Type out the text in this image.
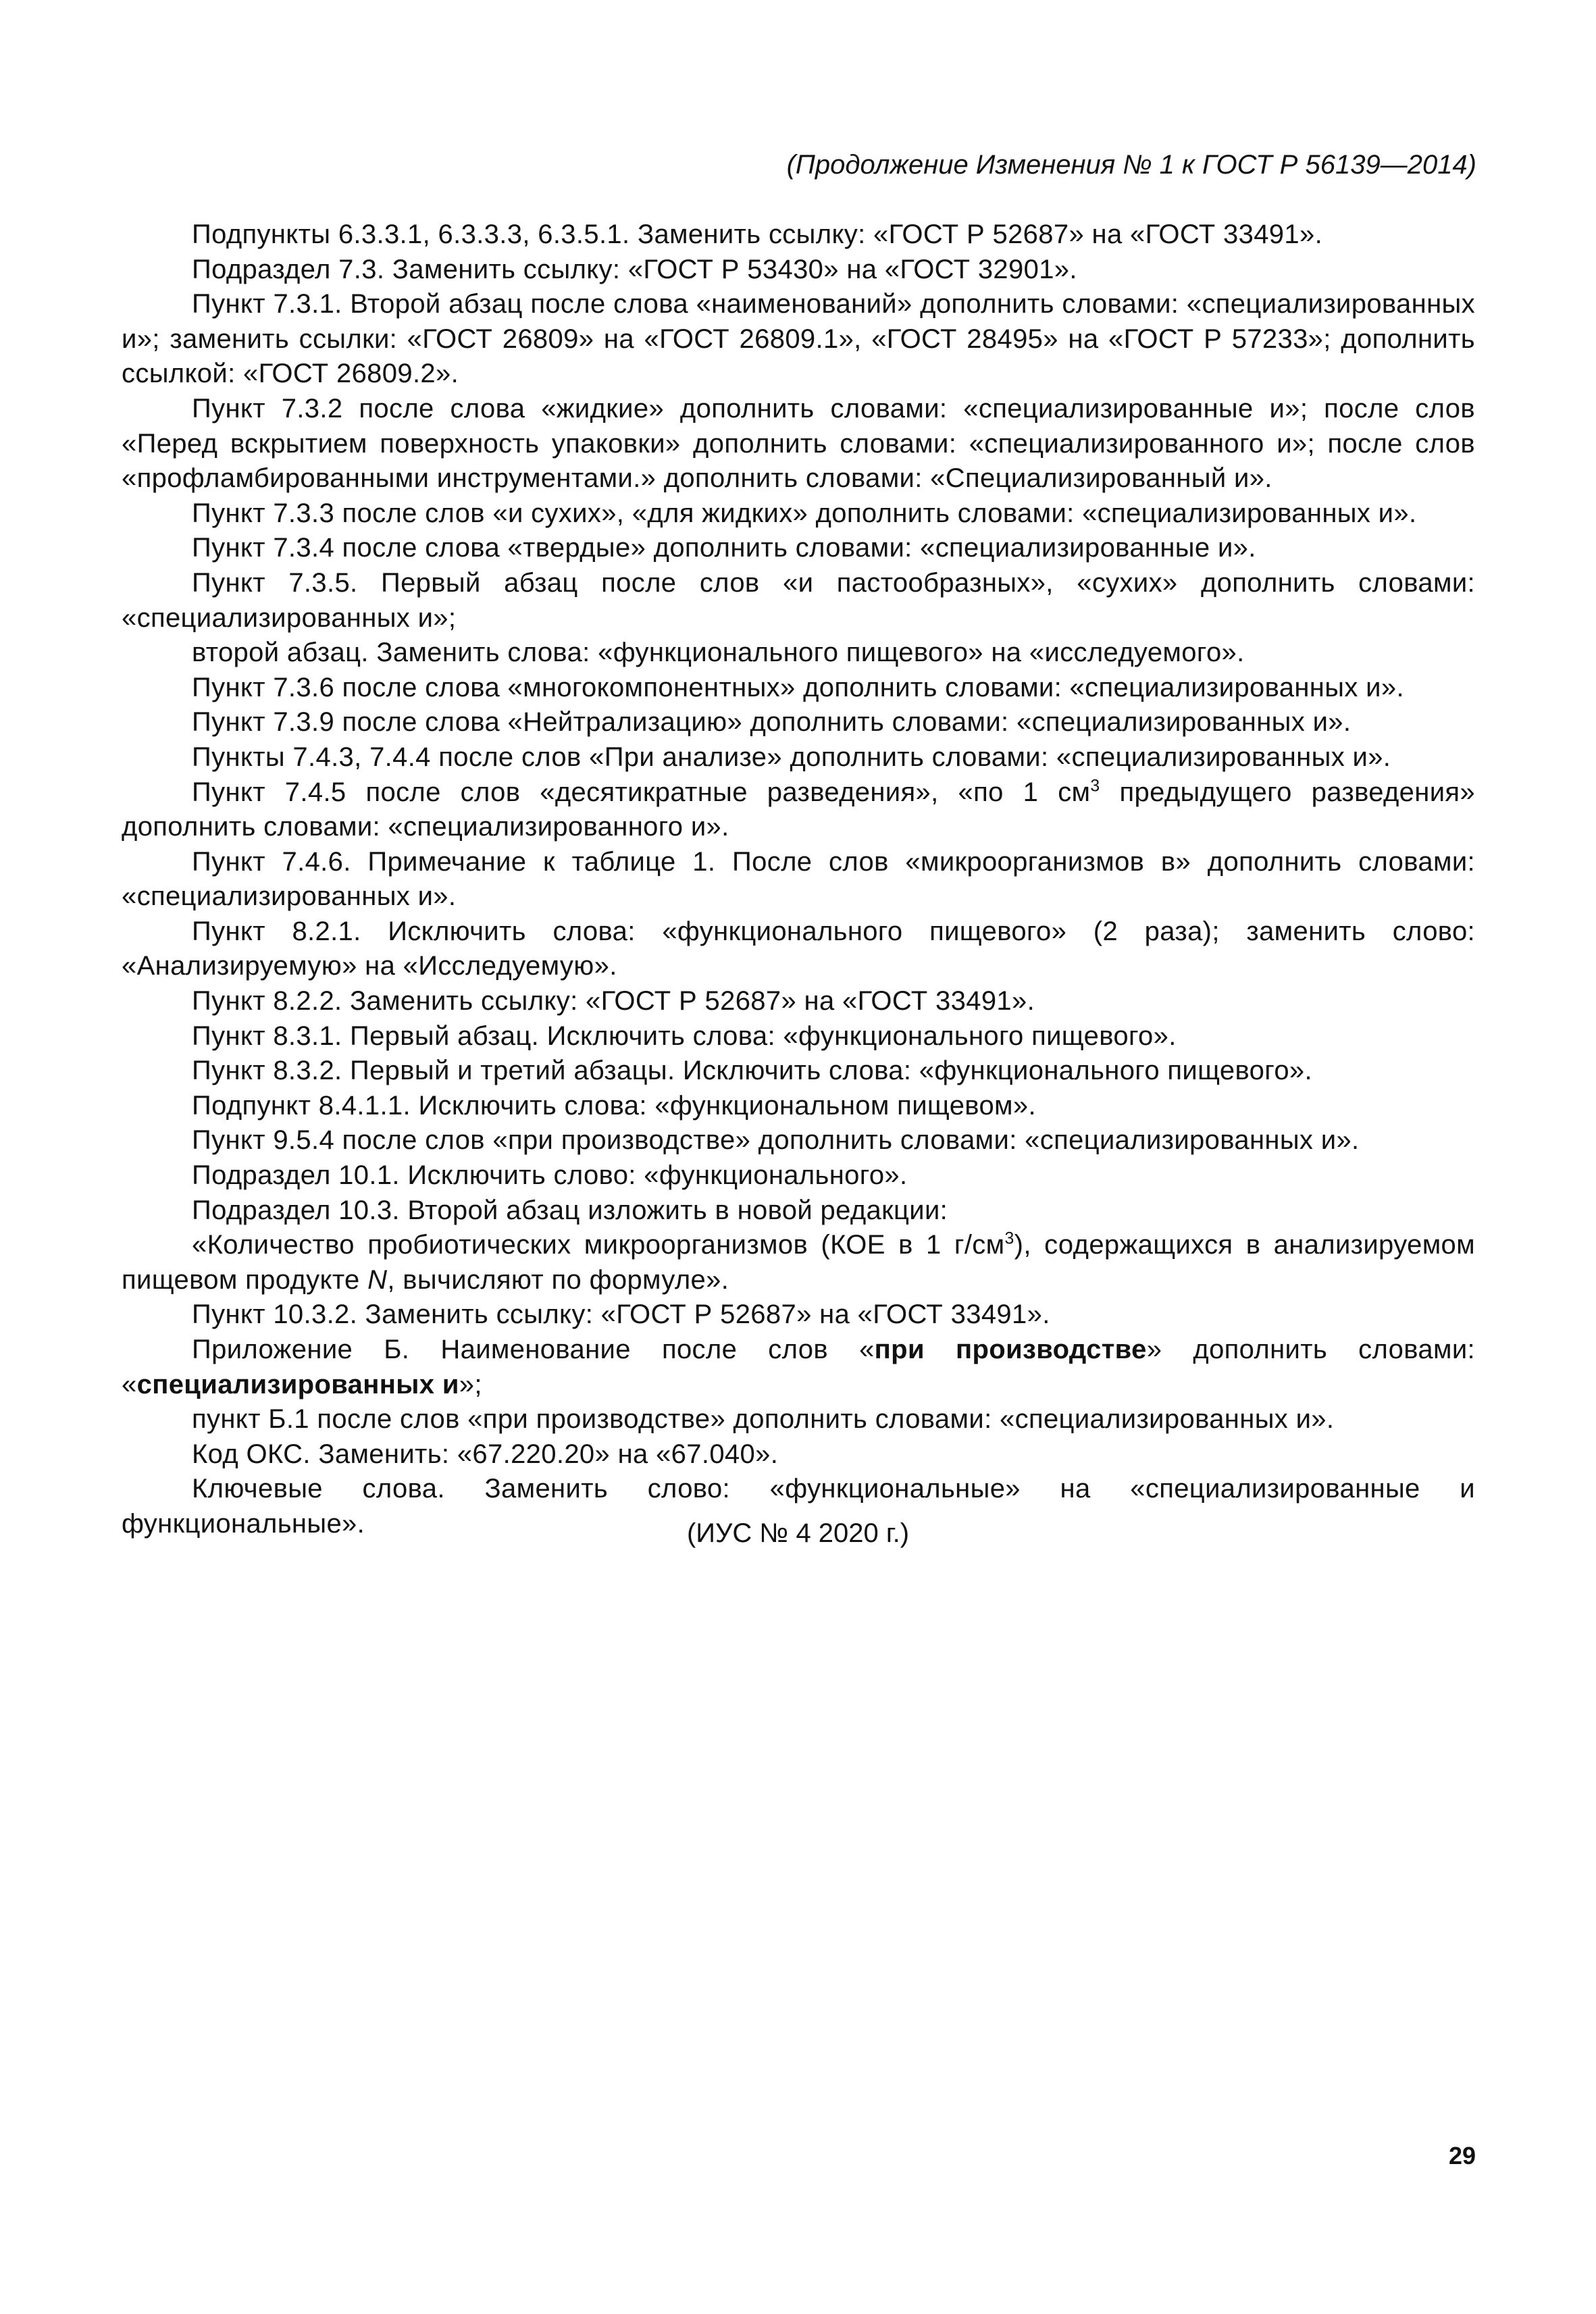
(Продолжение Изменения № 1 к ГОСТ Р 56139—2014)

Подпункты 6.3.3.1, 6.3.3.3, 6.3.5.1. Заменить ссылку: «ГОСТ Р 52687» на «ГОСТ 33491».

Подраздел 7.3. Заменить ссылку: «ГОСТ Р 53430» на «ГОСТ 32901».

Пункт 7.3.1. Второй абзац после слова «наименований» дополнить словами: «специализированных и»; заменить ссылки: «ГОСТ 26809» на «ГОСТ 26809.1», «ГОСТ 28495» на «ГОСТ Р 57233»; дополнить ссылкой: «ГОСТ 26809.2».

Пункт 7.3.2 после слова «жидкие» дополнить словами: «специализированные и»; после слов «Перед вскрытием поверхность упаковки» дополнить словами: «специализированного и»; после слов «профламбированными инструментами.» дополнить словами: «Специализированный и».

Пункт 7.3.3 после слов «и сухих», «для жидких» дополнить словами: «специализированных и».

Пункт 7.3.4 после слова «твердые» дополнить словами: «специализированные и».

Пункт 7.3.5. Первый абзац после слов «и пастообразных», «сухих» дополнить словами: «специализированных и»;

второй абзац. Заменить слова: «функционального пищевого» на «исследуемого».

Пункт 7.3.6 после слова «многокомпонентных» дополнить словами: «специализированных и».

Пункт 7.3.9 после слова «Нейтрализацию» дополнить словами: «специализированных и».

Пункты 7.4.3, 7.4.4 после слов «При анализе» дополнить словами: «специализированных и».

Пункт 7.4.5 после слов «десятикратные разведения», «по 1 $см^3$ предыдущего разведения» дополнить словами: «специализированного и».

Пункт 7.4.6. Примечание к таблице 1. После слов «микроорганизмов в» дополнить словами: «специализированных и».

Пункт 8.2.1. Исключить слова: «функционального пищевого» (2 раза); заменить слово: «Анализируемую» на «Исследуемую».

Пункт 8.2.2. Заменить ссылку: «ГОСТ Р 52687» на «ГОСТ 33491».

Пункт 8.3.1. Первый абзац. Исключить слова: «функционального пищевого».

Пункт 8.3.2. Первый и третий абзацы. Исключить слова: «функционального пищевого».

Подпункт 8.4.1.1. Исключить слова: «функциональном пищевом».

Пункт 9.5.4 после слов «при производстве» дополнить словами: «специализированных и».

Подраздел 10.1. Исключить слово: «функционального».

Подраздел 10.3. Второй абзац изложить в новой редакции:

«Количество пробиотических микроорганизмов (КОЕ в 1 $г/см^3$), содержащихся в анализируемом пищевом продукте N, вычисляют по формуле».

Пункт 10.3.2. Заменить ссылку: «ГОСТ Р 52687» на «ГОСТ 33491».

Приложение Б. Наименование после слов «при производстве» дополнить словами: «специализированных и»;

пункт Б.1 после слов «при производстве» дополнить словами: «специализированных и».

Код ОКС. Заменить: «67.220.20» на «67.040».

Ключевые слова. Заменить слово: «функциональные» на «специализированные и функциональные».	(ИУС № 4 2020 г.)
29
